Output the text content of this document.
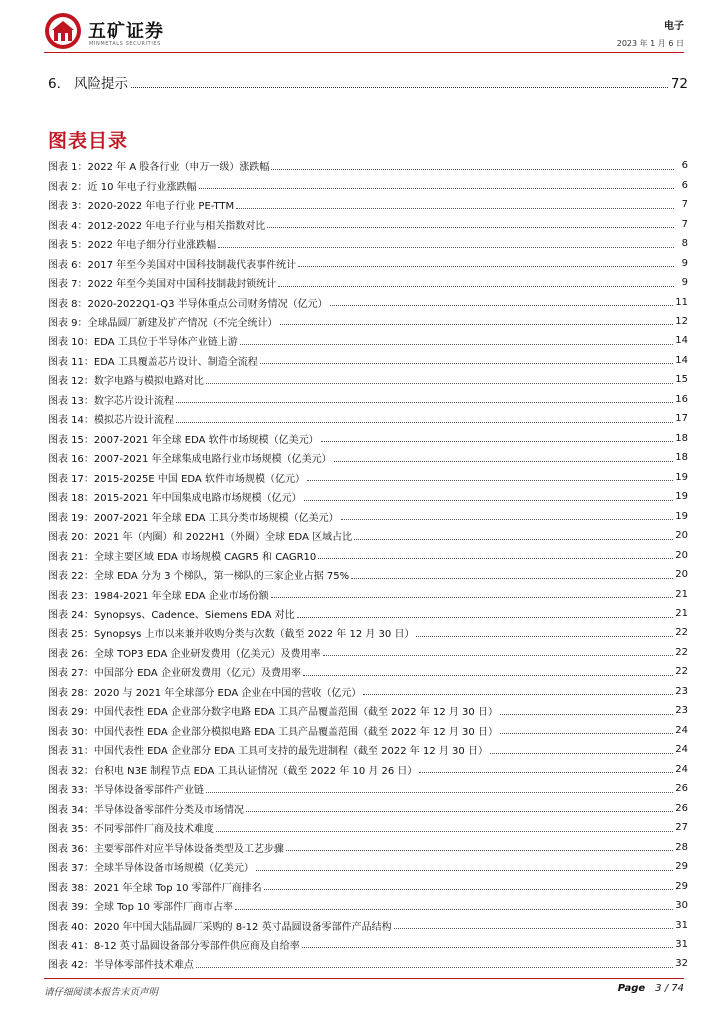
五矿证券
MINMETALS SECURITIES
电子
2023 年 1 月 6 日
6. 风险提示	72
图表目录
图表 1： 2022 年 A 股各行业（申万一级）涨跌幅	6
图表 2： 近 10 年电子行业涨跌幅	6
图表 3： 2020-2022 年电子行业 PE-TTM	7
图表 4： 2012-2022 年电子行业与相关指数对比	7
图表 5： 2022 年电子细分行业涨跌幅	8
图表 6： 2017 年至今美国对中国科技制裁代表事件统计	9
图表 7： 2022 年至今美国对中国科技制裁封锁统计	9
图表 8： 2020-2022Q1-Q3 半导体重点公司财务情况（亿元）	11
图表 9： 全球晶圆厂新建及扩产情况（不完全统计）	12
图表 10： EDA 工具位于半导体产业链上游	14
图表 11： EDA 工具覆盖芯片设计、制造全流程	14
图表 12： 数字电路与模拟电路对比	15
图表 13： 数字芯片设计流程	16
图表 14： 模拟芯片设计流程	17
图表 15： 2007-2021 年全球 EDA 软件市场规模（亿美元）	18
图表 16： 2007-2021 年全球集成电路行业市场规模（亿美元）	18
图表 17： 2015-2025E 中国 EDA 软件市场规模（亿元）	19
图表 18： 2015-2021 年中国集成电路市场规模（亿元）	19
图表 19： 2007-2021 年全球 EDA 工具分类市场规模（亿美元）	19
图表 20： 2021 年（内圈）和 2022H1（外圈）全球 EDA 区域占比	20
图表 21： 全球主要区域 EDA 市场规模 CAGR5 和 CAGR10	20
图表 22： 全球 EDA 分为 3 个梯队，第一梯队的三家企业占据 75%	20
图表 23： 1984-2021 年全球 EDA 企业市场份额	21
图表 24： Synopsys、Cadence、Siemens EDA 对比	21
图表 25： Synopsys 上市以来兼并收购分类与次数（截至 2022 年 12 月 30 日）	22
图表 26： 全球 TOP3 EDA 企业研发费用（亿美元）及费用率	22
图表 27： 中国部分 EDA 企业研发费用（亿元）及费用率	22
图表 28： 2020 与 2021 年全球部分 EDA 企业在中国的营收（亿元）	23
图表 29： 中国代表性 EDA 企业部分数字电路 EDA 工具产品覆盖范围（截至 2022 年 12 月 30 日）	23
图表 30： 中国代表性 EDA 企业部分模拟电路 EDA 工具产品覆盖范围（截至 2022 年 12 月 30 日）	24
图表 31： 中国代表性 EDA 企业部分 EDA 工具可支持的最先进制程（截至 2022 年 12 月 30 日）	24
图表 32： 台积电 N3E 制程节点 EDA 工具认证情况（截至 2022 年 10 月 26 日）	24
图表 33： 半导体设备零部件产业链	26
图表 34： 半导体设备零部件分类及市场情况	26
图表 35： 不同零部件厂商及技术难度	27
图表 36： 主要零部件对应半导体设备类型及工艺步骤	28
图表 37： 全球半导体设备市场规模（亿美元）	29
图表 38： 2021 年全球 Top 10 零部件厂商排名	29
图表 39： 全球 Top 10 零部件厂商市占率	30
图表 40： 2020 年中国大陆晶圆厂采购的 8-12 英寸晶圆设备零部件产品结构	31
图表 41： 8-12 英寸晶圆设备部分零部件供应商及自给率	31
图表 42： 半导体零部件技术难点	32
请仔细阅读本报告末页声明	Page 3 / 74
